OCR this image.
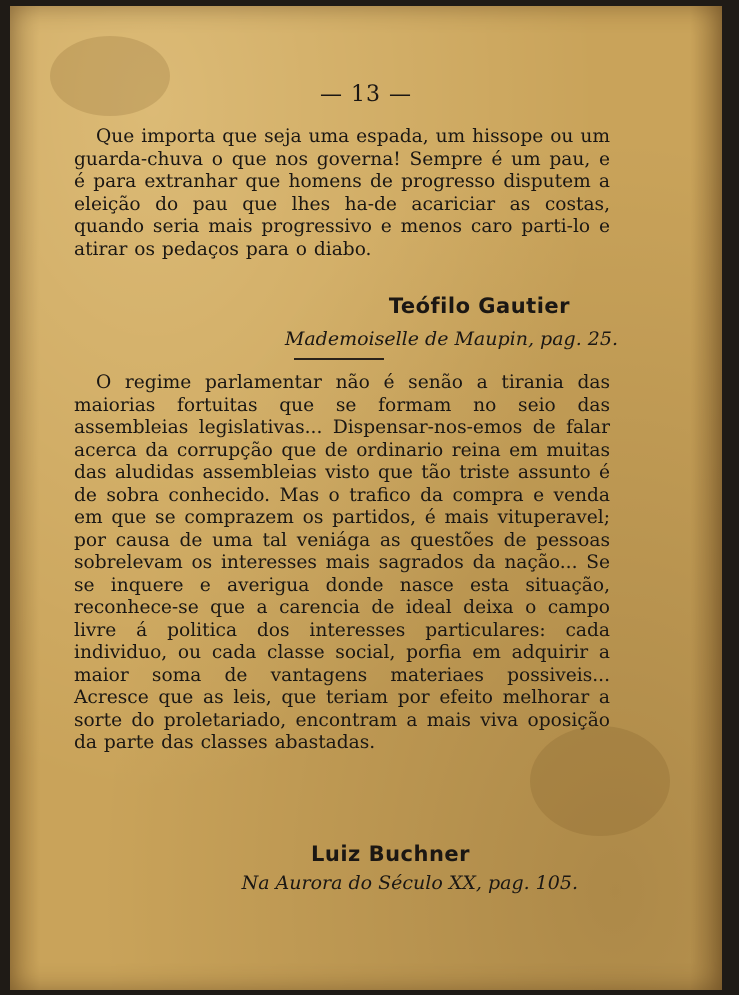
— 13 —
Que importa que seja uma espada, um hissope ou um guarda-chuva o que nos governa! Sempre é um pau, e é para extranhar que homens de progresso disputem a eleição do pau que lhes ha-de acariciar as costas, quando seria mais progressivo e menos caro parti-lo e atirar os pedaços para o diabo.
Teófilo Gautier
Mademoiselle de Maupin, pag. 25.
O regime parlamentar não é senão a tirania das maiorias fortuitas que se formam no seio das assembleias legislativas... Dispensar-nos-emos de falar acerca da corrupção que de ordinario reina em muitas das aludidas assembleias visto que tão triste assunto é de sobra conhecido. Mas o trafico da compra e venda em que se comprazem os partidos, é mais vituperavel; por causa de uma tal veniága as questões de pessoas sobrelevam os interesses mais sagrados da nação... Se se inquere e averigua donde nasce esta situação, reconhece-se que a carencia de ideal deixa o campo livre á politica dos interesses particulares: cada individuo, ou cada classe social, porfia em adquirir a maior soma de vantagens materiaes possiveis... Acresce que as leis, que teriam por efeito melhorar a sorte do proletariado, encontram a mais viva oposição da parte das classes abastadas.
Luiz Buchner
Na Aurora do Século XX, pag. 105.
